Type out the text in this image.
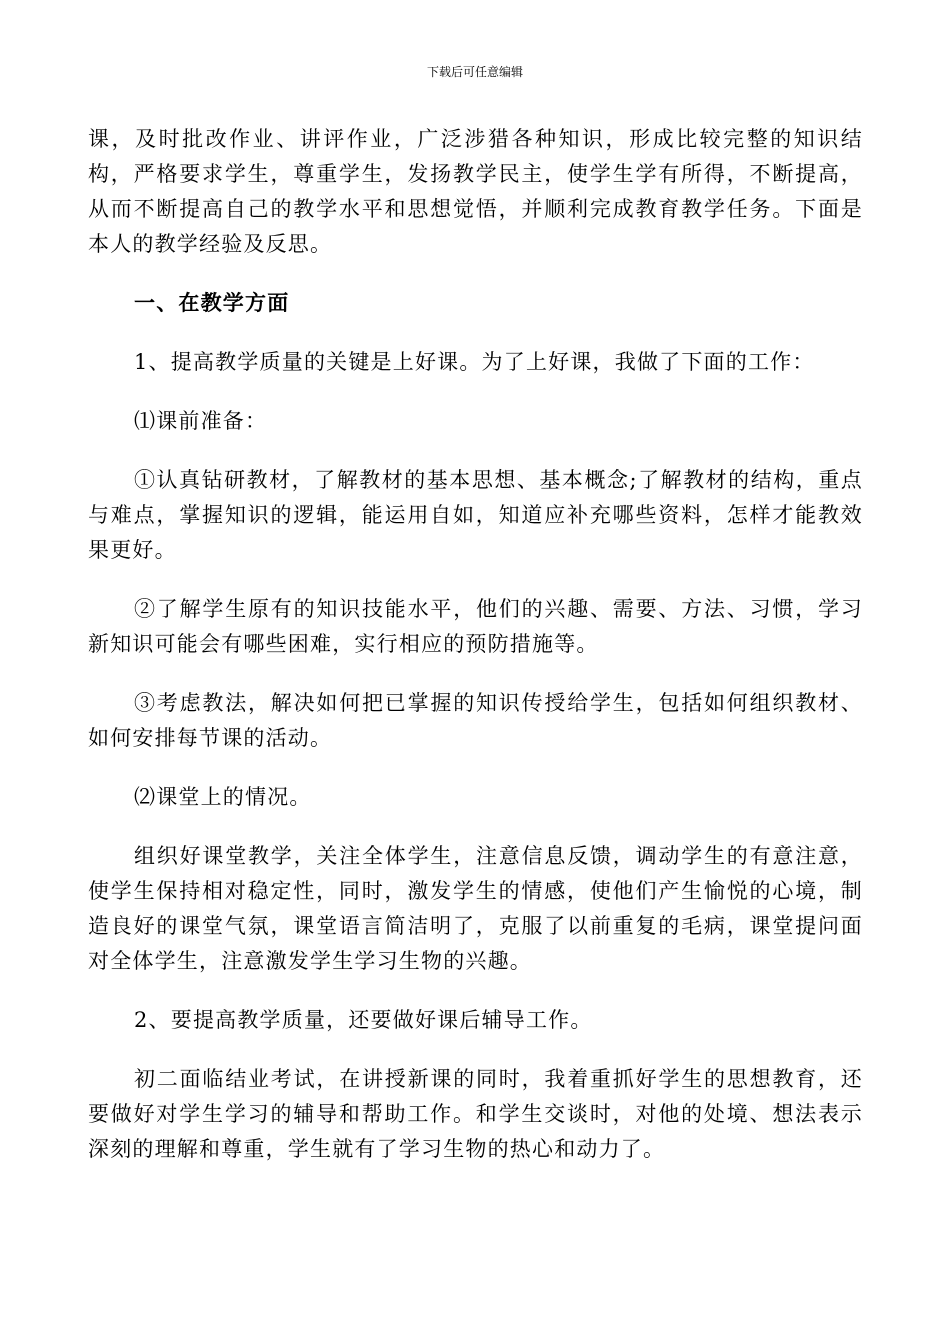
下载后可任意编辑

课，及时批改作业、讲评作业，广泛涉猎各种知识，形成比较完整的知识结构，严格要求学生，尊重学生，发扬教学民主，使学生学有所得，不断提高，从而不断提高自己的教学水平和思想觉悟，并顺利完成教育教学任务。下面是本人的教学经验及反思。

一、在教学方面

1、提高教学质量的关键是上好课。为了上好课，我做了下面的工作：

⑴课前准备：

①认真钻研教材，了解教材的基本思想、基本概念;了解教材的结构，重点与难点，掌握知识的逻辑，能运用自如，知道应补充哪些资料，怎样才能教效果更好。

②了解学生原有的知识技能水平，他们的兴趣、需要、方法、习惯，学习新知识可能会有哪些困难，实行相应的预防措施等。

③考虑教法，解决如何把已掌握的知识传授给学生，包括如何组织教材、如何安排每节课的活动。

⑵课堂上的情况。

组织好课堂教学，关注全体学生，注意信息反馈，调动学生的有意注意，使学生保持相对稳定性，同时，激发学生的情感，使他们产生愉悦的心境，制造良好的课堂气氛，课堂语言简洁明了，克服了以前重复的毛病，课堂提问面对全体学生，注意激发学生学习生物的兴趣。

2、要提高教学质量，还要做好课后辅导工作。

初二面临结业考试，在讲授新课的同时，我着重抓好学生的思想教育，还要做好对学生学习的辅导和帮助工作。和学生交谈时，对他的处境、想法表示深刻的理解和尊重，学生就有了学习生物的热心和动力了。
